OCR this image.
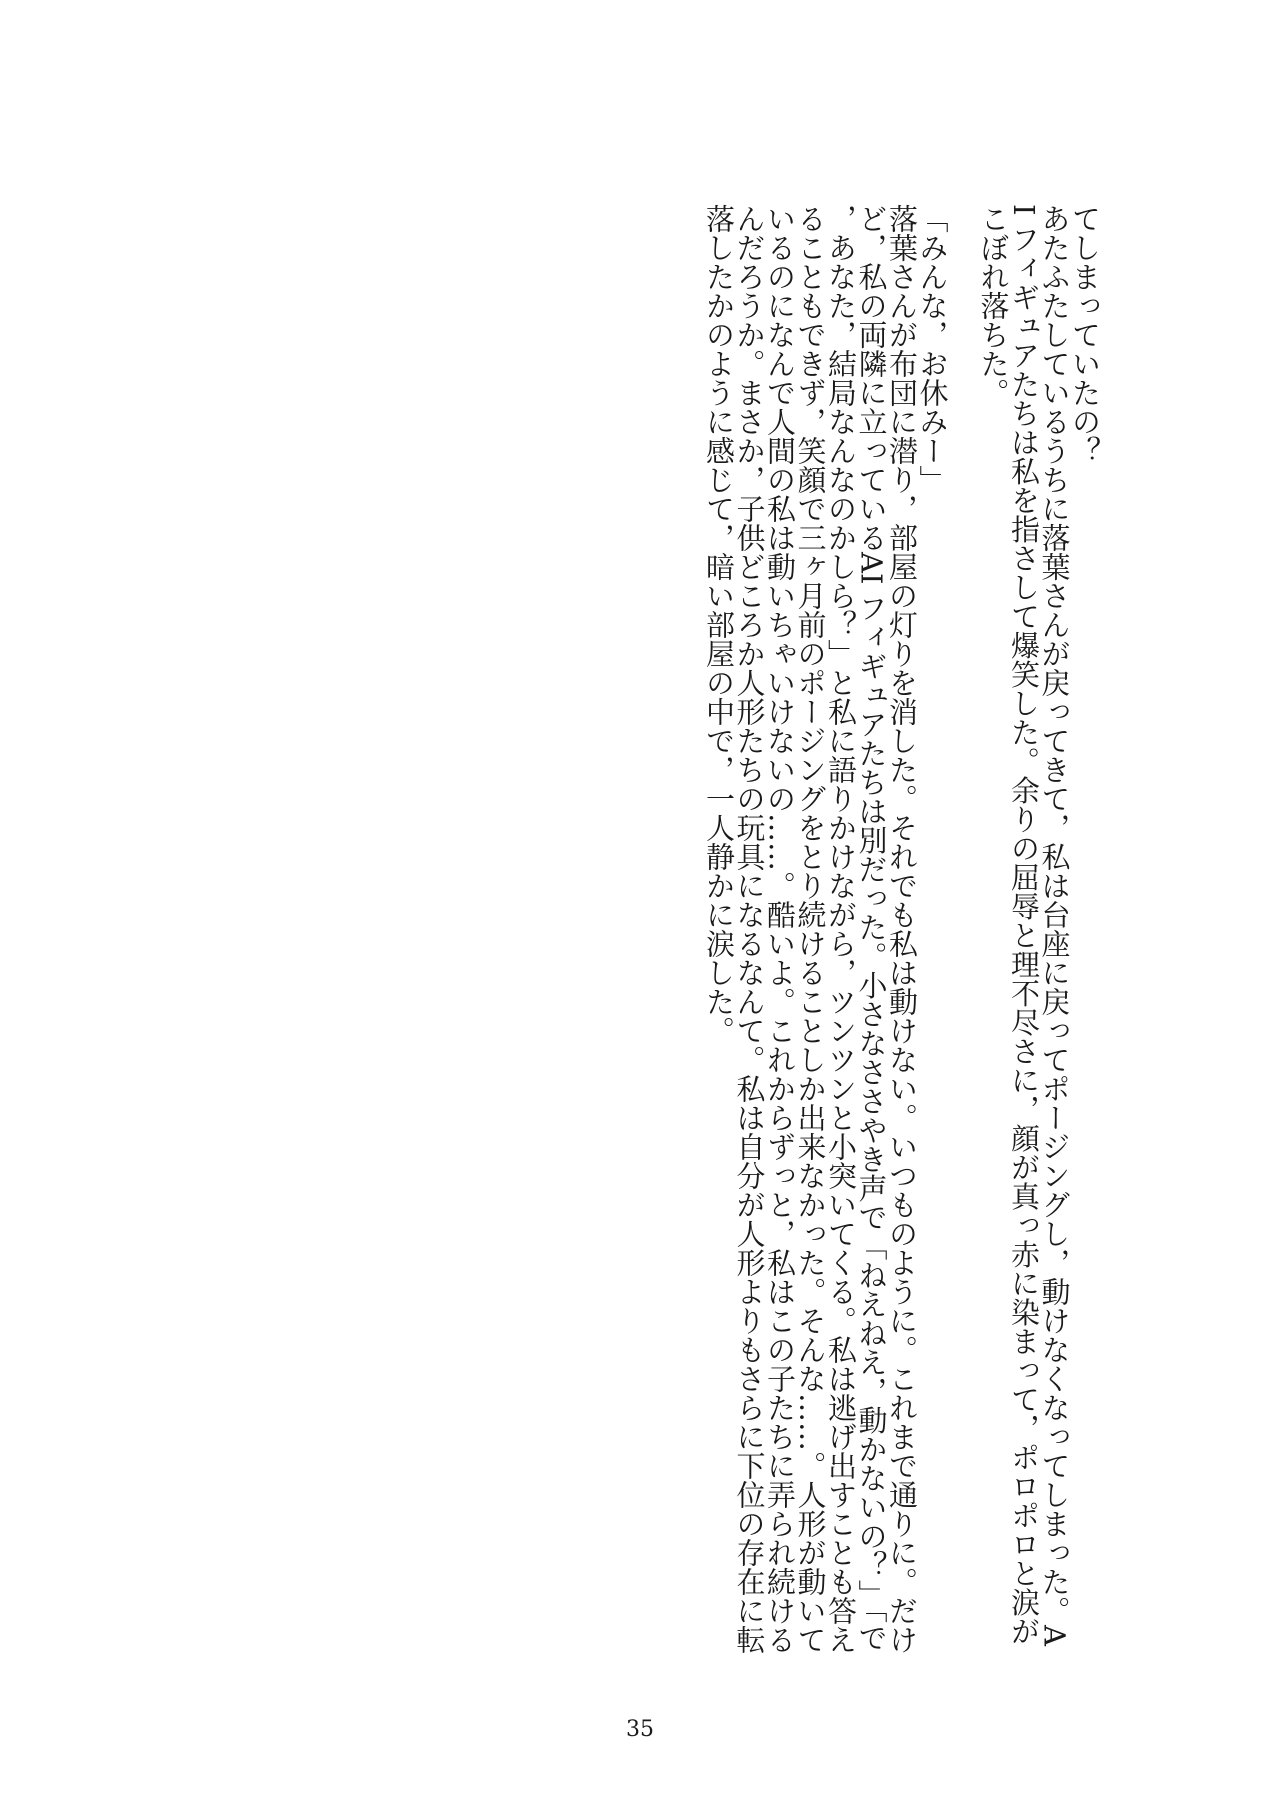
てしまっていたの？

あたふたしているうちに落葉さんが戻ってきて，私は台座に戻ってポージングし，動けなくなってしまった。AI フィギュアたちは私を指さして爆笑した。余りの屈辱と理不尽さに，顔が真っ赤に染まって，ポロポロと涙がこぼれ落ちた。

「みんな，お休みー」

落葉さんが布団に潜り，部屋の灯りを消した。それでも私は動けない。いつものように。これまで通りに。だけど，私の両隣に立っているAI フィギュアたちは別だった。小さなささやき声で「ねえねえ，動かないの？」「で，あなた，結局なんなのかしら？」と私に語りかけながら，ツンツンと小突いてくる。私は逃げ出すことも答えることもできず，笑顔で三ヶ月前のポージングをとり続けることしか出来なかった。そんな……。人形が動いているのになんで人間の私は動いちゃいけないの……。酷いよ。これからずっと，私はこの子たちに弄られ続けるんだろうか。まさか，子供どころか人形たちの玩具になるなんて。私は自分が人形よりもさらに下位の存在に転落したかのように感じて，暗い部屋の中で，一人静かに涙した。

35
